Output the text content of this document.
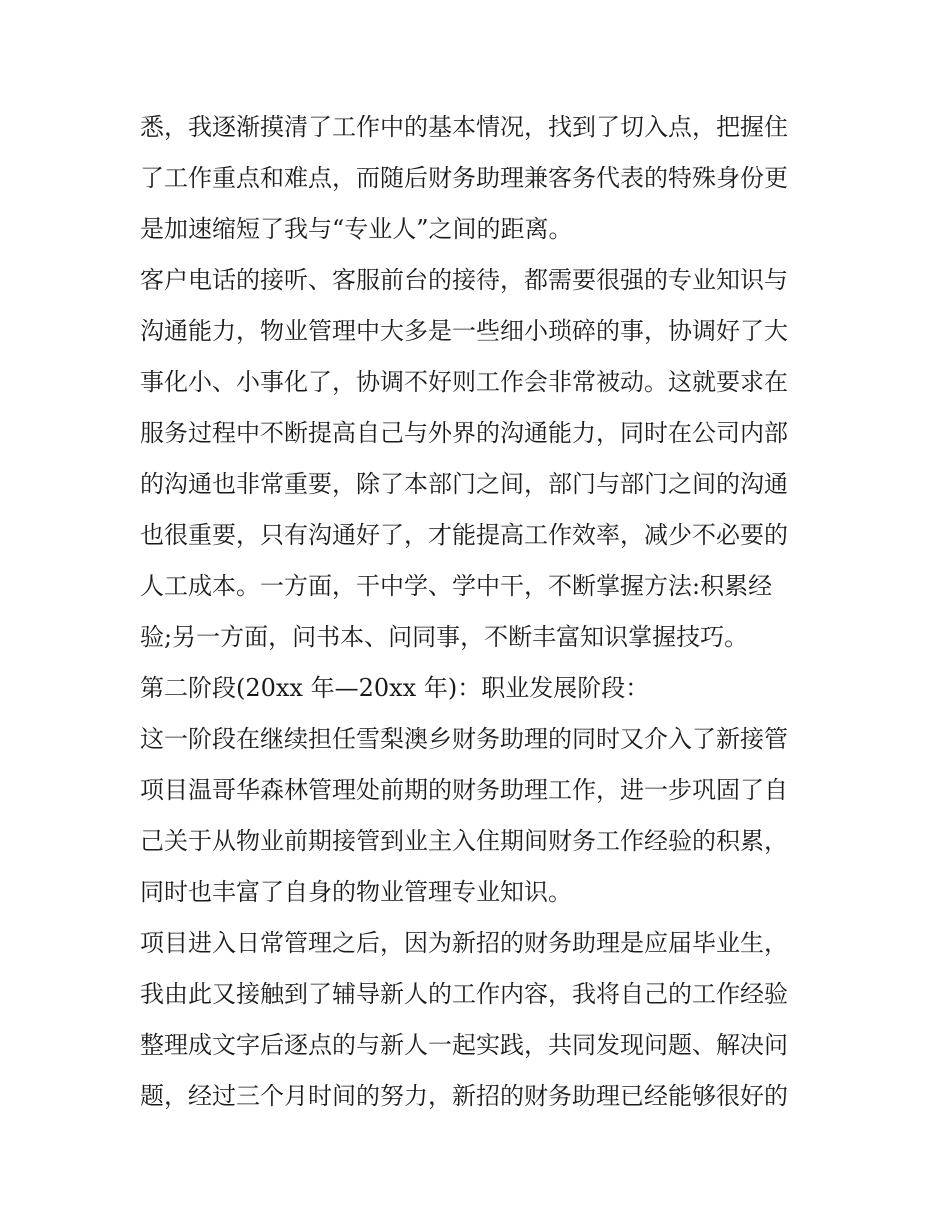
悉，我逐渐摸清了工作中的基本情况，找到了切入点，把握住
了工作重点和难点，而随后财务助理兼客务代表的特殊身份更
是加速缩短了我与“专业人”之间的距离。
客户电话的接听、客服前台的接待，都需要很强的专业知识与
沟通能力，物业管理中大多是一些细小琐碎的事，协调好了大
事化小、小事化了，协调不好则工作会非常被动。这就要求在
服务过程中不断提高自己与外界的沟通能力，同时在公司内部
的沟通也非常重要，除了本部门之间，部门与部门之间的沟通
也很重要，只有沟通好了，才能提高工作效率，减少不必要的
人工成本。一方面，干中学、学中干，不断掌握方法:积累经
验;另一方面，问书本、问同事，不断丰富知识掌握技巧。
第二阶段(20xx 年—20xx 年)：职业发展阶段：
这一阶段在继续担任雪梨澳乡财务助理的同时又介入了新接管
项目温哥华森林管理处前期的财务助理工作，进一步巩固了自
己关于从物业前期接管到业主入住期间财务工作经验的积累，
同时也丰富了自身的物业管理专业知识。
项目进入日常管理之后，因为新招的财务助理是应届毕业生，
我由此又接触到了辅导新人的工作内容，我将自己的工作经验
整理成文字后逐点的与新人一起实践，共同发现问题、解决问
题，经过三个月时间的努力，新招的财务助理已经能够很好的
